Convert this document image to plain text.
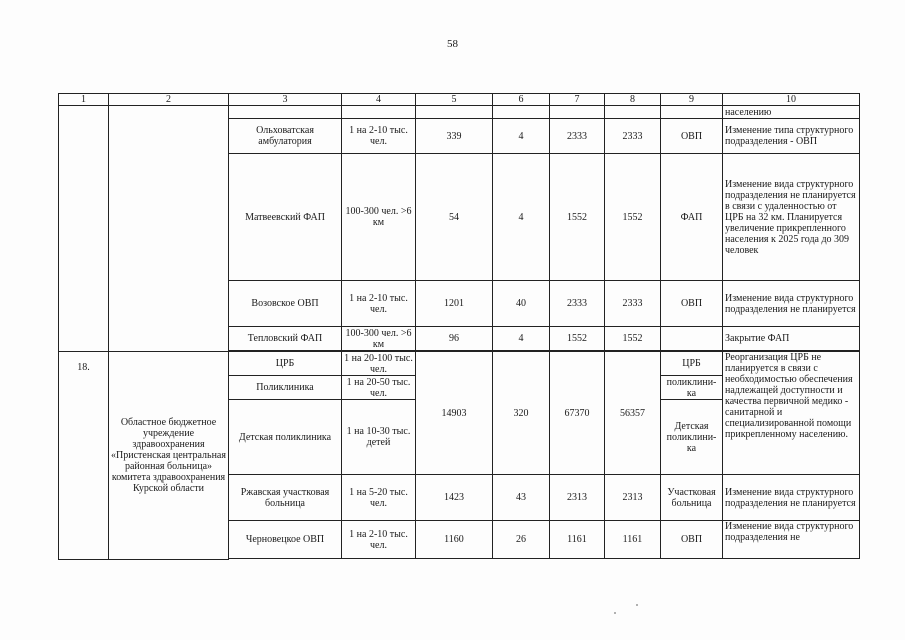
58
1	2	3	4	5	6	7	8	9	10
									населению
		Ольховатская амбулатория	1 на 2-10 тыс. чел.	339	4	2333	2333	ОВП	Изменение типа структурного подразделения - ОВП
		Матвеевский ФАП	100-300 чел. >6 км	54	4	1552	1552	ФАП	Изменение вида структурного подразделения не планируется в связи с удаленностью от ЦРБ на 32 км. Планируется увеличение прикрепленного населения к 2025 года до 309 человек
		Возовское ОВП	1 на 2-10 тыс. чел.	1201	40	2333	2333	ОВП	Изменение вида структурного подразделения не планируется
		Тепловский ФАП	100-300 чел. >6 км	96	4	1552	1552		Закрытие ФАП

18.	Областное бюджетное учреждение здравоохранения «Пристенская центральная районная больница» комитета здравоохранения Курской области	ЦРБ	1 на 20-100 тыс. чел.	14903	320	67370	56357	ЦРБ	Реорганизация ЦРБ не планируется в связи с необходимостью обеспечения надлежащей доступности и качества первичной медико - санитарной и специализированной помощи прикрепленному населению.
		Поликлиника	1 на 20-50 тыс. чел.					поликлини-ка	
		Детская поликлиника	1 на 10-30 тыс. детей					Детская поликлини-ка	
		Ржавская участковая больница	1 на 5-20 тыс. чел.	1423	43	2313	2313	Участковая больница	Изменение вида структурного подразделения не планируется
		Черновецкое ОВП	1 на 2-10 тыс. чел.	1160	26	1161	1161	ОВП	Изменение вида структурного подразделения не
